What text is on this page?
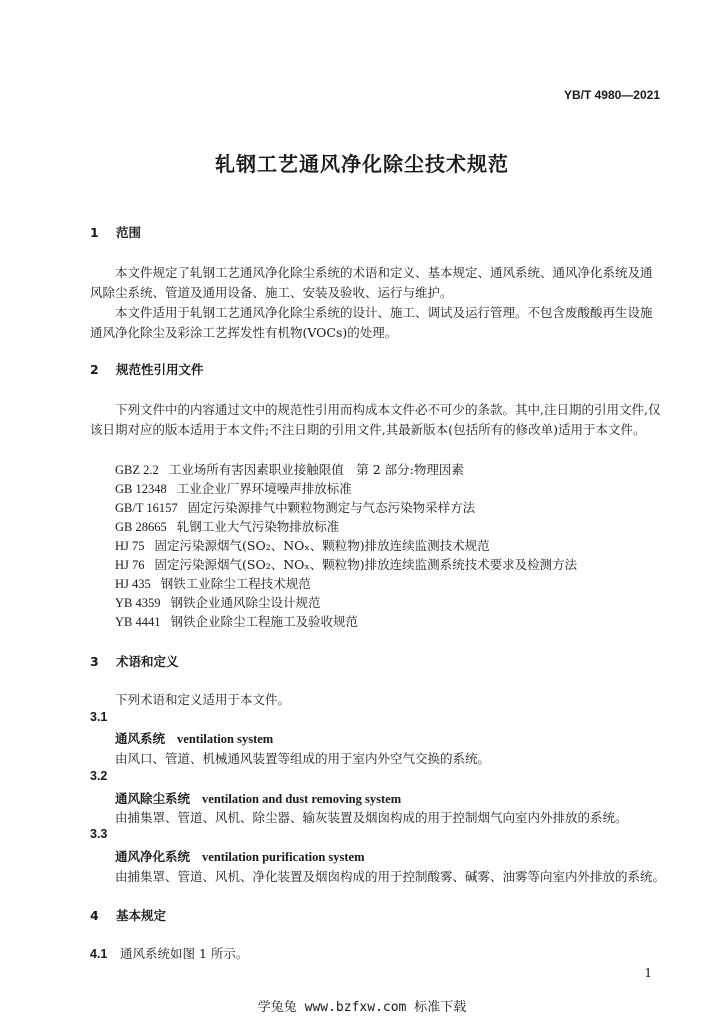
YB/T 4980—2021
轧钢工艺通风净化除尘技术规范
1 范围
本文件规定了轧钢工艺通风净化除尘系统的术语和定义、基本规定、通风系统、通风净化系统及通风除尘系统、管道及通用设备、施工、安装及验收、运行与维护。
本文件适用于轧钢工艺通风净化除尘系统的设计、施工、调试及运行管理。不包含废酸酸再生设施通风净化除尘及彩涂工艺挥发性有机物(VOCs)的处理。
2 规范性引用文件
下列文件中的内容通过文中的规范性引用而构成本文件必不可少的条款。其中,注日期的引用文件,仅该日期对应的版本适用于本文件;不注日期的引用文件,其最新版本(包括所有的修改单)适用于本文件。
GBZ 2.2 工业场所有害因素职业接触限值　第 2 部分:物理因素
GB 12348 工业企业厂界环境噪声排放标准
GB/T 16157 固定污染源排气中颗粒物测定与气态污染物采样方法
GB 28665 轧钢工业大气污染物排放标准
HJ 75 固定污染源烟气(SO₂、NOₓ、颗粒物)排放连续监测技术规范
HJ 76 固定污染源烟气(SO₂、NOₓ、颗粒物)排放连续监测系统技术要求及检测方法
HJ 435 钢铁工业除尘工程技术规范
YB 4359 钢铁企业通风除尘设计规范
YB 4441 钢铁企业除尘工程施工及验收规范
3 术语和定义
下列术语和定义适用于本文件。
3.1
通风系统 ventilation system
由风口、管道、机械通风装置等组成的用于室内外空气交换的系统。
3.2
通风除尘系统 ventilation and dust removing system
由捕集罩、管道、风机、除尘器、输灰装置及烟囱构成的用于控制烟气向室内外排放的系统。
3.3
通风净化系统 ventilation purification system
由捕集罩、管道、风机、净化装置及烟囱构成的用于控制酸雾、碱雾、油雾等向室内外排放的系统。
4 基本规定
4.1 通风系统如图 1 所示。
1
学兔兔 www.bzfxw.com 标准下载
